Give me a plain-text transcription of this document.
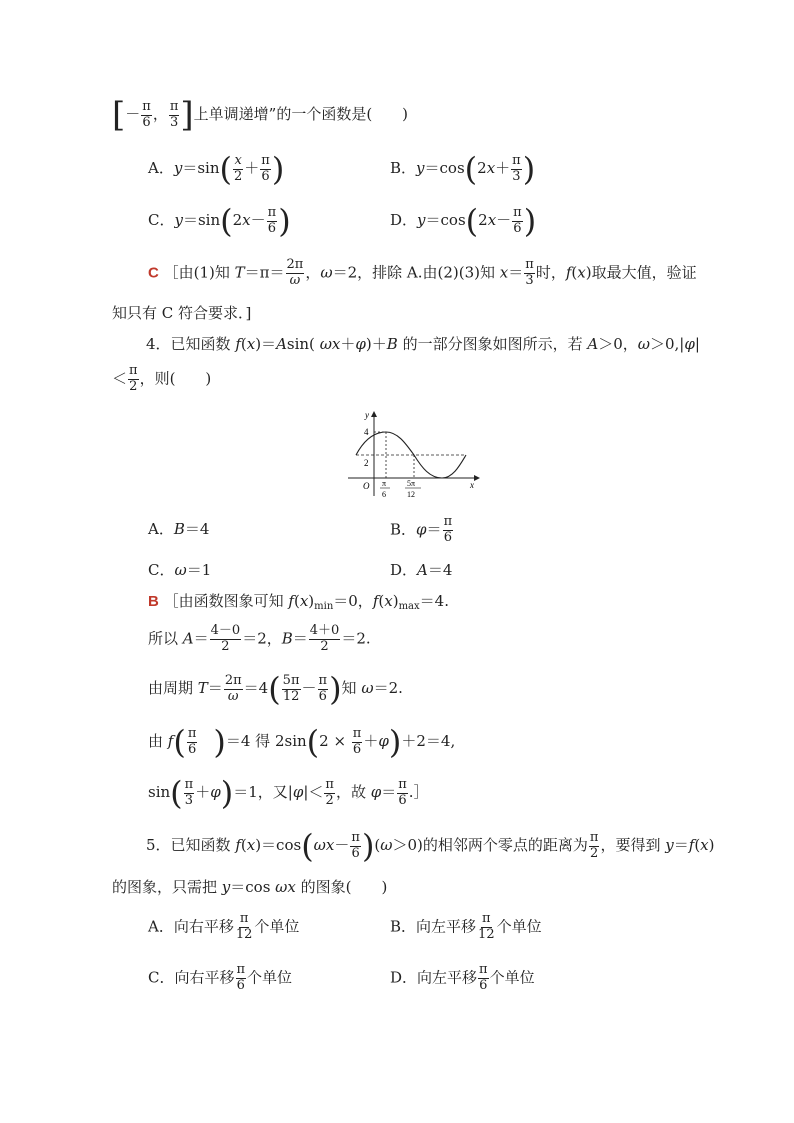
[－ $\frac{\pi}{6}$ ， $\frac{\pi}{3}$ ]上单调递增”的一个函数是(　　)
A．$y=\sin( \frac{x}{2} + \frac{\pi}{6}$ )	B．$y=\cos(2x+ \frac{\pi}{3}$ )
C．$y=\sin(2x- \frac{\pi}{6}$ )	D．$y=\cos(2x- \frac{\pi}{6}$ )
C ［由(1)知 $T=\pi= \frac{2\pi}{\omega}$ ，ω＝2，排除 A.由(2)(3)知 $x= \frac{\pi}{3}$ 时，f(x)取最大值，验证
知只有 C 符合要求．]
4．已知函数 f(x)＝Asin( ωx＋φ)＋B 的一部分图象如图所示，若 A＞0，ω＞0,|φ|
＜ $\frac{\pi}{2}$ ，则(　　)
y
x
O
4
2
π
6
5π
12
A．B＝4	B．$\varphi= \frac{\pi}{6}$
C．ω＝1	D．A＝4
B ［由函数图象可知 $f(x)_{min}=0$，$f(x)_{max}=4$.
所以 $A= \frac{4-0}{2} =2$，$B= \frac{4+0}{2} =2$.
由周期 $T= \frac{2\pi}{\omega} =4( \frac{5\pi}{12} - \frac{\pi}{6}$ )知 ω＝2.
由 $f( \frac{\pi}{6}$
　 )＝4 得 $2\sin(2 \times \frac{\pi}{6} +\varphi)+2=4$,
$\sin( \frac{\pi}{3} +\varphi)=1$，又$|\varphi|< \frac{\pi}{2}$ ，故 $\varphi= \frac{\pi}{6}$ .］
5．已知函数 $f(x)=\cos(\omega x- \frac{\pi}{6} )(\omega>0)$的相邻两个零点的距离为 $\frac{\pi}{2}$ ，要得到 y＝f(x)
的图象，只需把 y＝cos ωx 的图象(　　)
A．向右平移 $\frac{\pi}{12}$ 个单位	B．向左平移 $\frac{\pi}{12}$ 个单位
C．向右平移 $\frac{\pi}{6}$ 个单位	D．向左平移 $\frac{\pi}{6}$ 个单位
